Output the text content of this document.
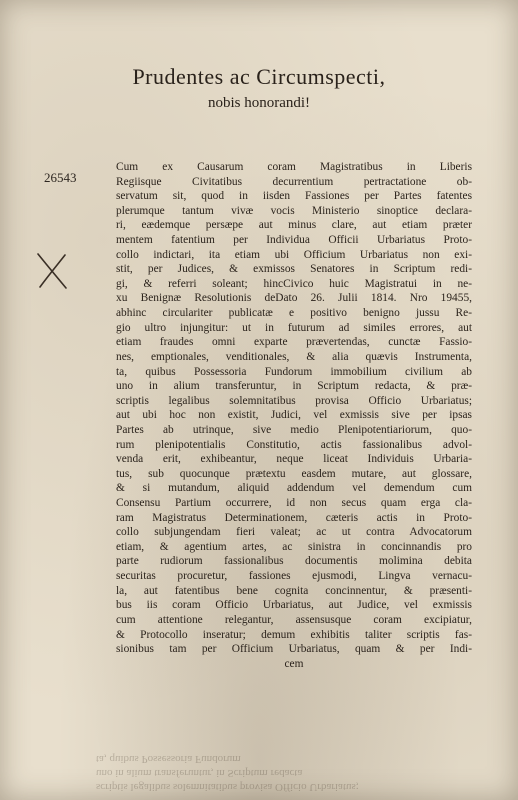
Prudentes ac Circumspecti,
nobis honorandi!
26543
Cum ex Causarum coram Magistratibus in Liberis
Regiisque Civitatibus decurrentium pertractatione ob-
servatum sit, quod in iisden Fassiones per Partes fatentes
plerumque tantum vivæ vocis Ministerio sinoptice declara-
ri, eædemque persæpe aut minus clare, aut etiam præter
mentem fatentium per Individua Officii Urbariatus Proto-
collo indictari, ita etiam ubi Officium Urbariatus non exi-
stit, per Judices, & exmissos Senatores in Scriptum redi-
gi, & referri soleant; hincCivico huic Magistratui in ne-
xu Benignæ Resolutionis deDato 26. Julii 1814. Nro 19455,
abhinc circulariter publicatæ e positivo benigno jussu Re-
gio ultro injungitur: ut in futurum ad similes errores, aut
etiam fraudes omni exparte prævertendas, cunctæ Fassio-
nes, emptionales, venditionales, & alia quævis Instrumenta,
ta, quibus Possessoria Fundorum immobilium civilium ab
uno in alium transferuntur, in Scriptum redacta, & præ-
scriptis legalibus solemnitatibus provisa Officio Urbariatus;
aut ubi hoc non existit, Judici, vel exmissis sive per ipsas
Partes ab utrinque, sive medio Plenipotentiariorum, quo-
rum plenipotentialis Constitutio, actis fassionalibus advol-
venda erit, exhibeantur, neque liceat Individuis Urbaria-
tus, sub quocunque prætextu easdem mutare, aut glossare,
& si mutandum, aliquid addendum vel demendum cum
Consensu Partium occurrere, id non secus quam erga cla-
ram Magistratus Determinationem, cæteris actis in Proto-
collo subjungendam fieri valeat; ac ut contra Advocatorum
etiam, & agentium artes, ac sinistra in concinnandis pro
parte rudiorum fassionalibus documentis molimina debita
securitas procuretur, fassiones ejusmodi, Lingva vernacu-
la, aut fatentibus bene cognita concinnentur, & præsenti-
bus iis coram Officio Urbariatus, aut Judice, vel exmissis
cum attentione relegantur, assensusque coram excipiatur,
& Protocollo inseratur; demum exhibitis taliter scriptis fas-
sionibus tam per Officium Urbariatus, quam & per Indi-
cem
scriptis legalibus solemnitatibus provisa Officio Urbariatus;
uno in alium transferuntur, in Scriptum redacta
ta, quibus Possessoria Fundorum
